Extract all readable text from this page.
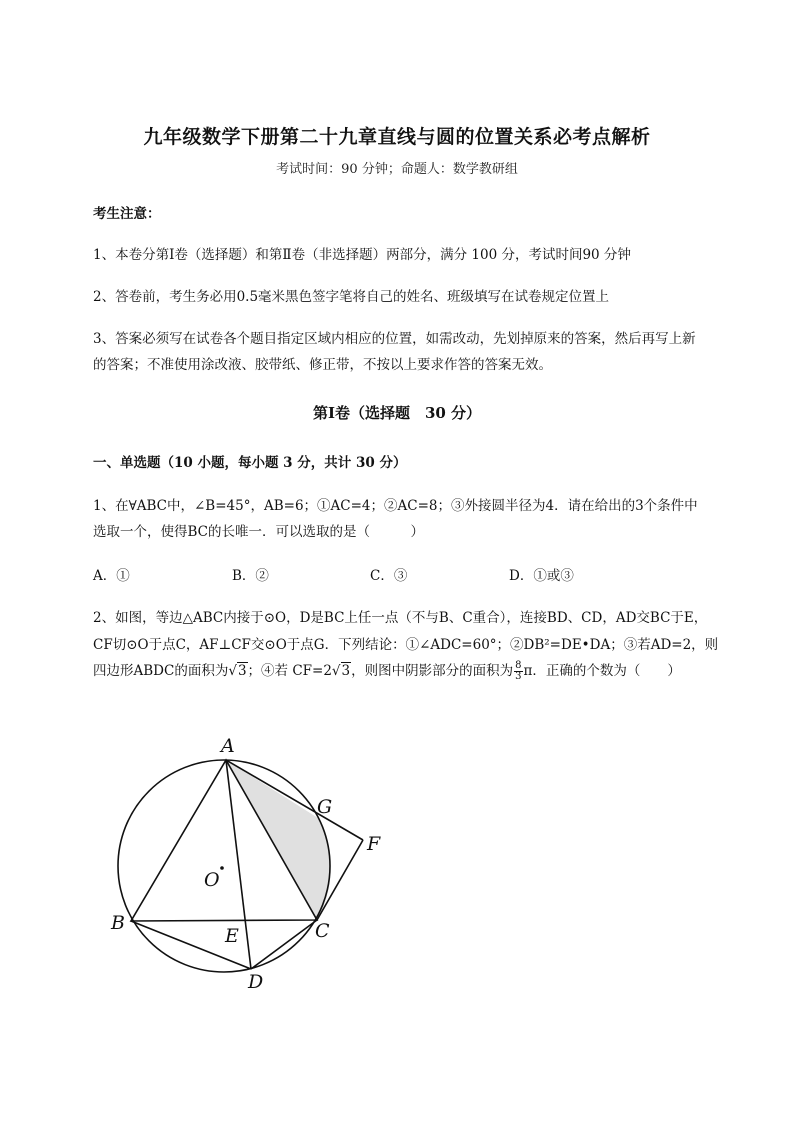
九年级数学下册第二十九章直线与圆的位置关系必考点解析
考试时间：90 分钟；命题人：数学教研组
考生注意：
1、本卷分第Ⅰ卷（选择题）和第Ⅱ卷（非选择题）两部分，满分 100 分，考试时间90 分钟
2、答卷前，考生务必用0.5毫米黑色签字笔将自己的姓名、班级填写在试卷规定位置上
3、答案必须写在试卷各个题目指定区域内相应的位置，如需改动，先划掉原来的答案，然后再写上新
的答案；不准使用涂改液、胶带纸、修正带，不按以上要求作答的答案无效。
第Ⅰ卷（选择题　30 分）
一、单选题（10 小题，每小题 3 分，共计 30 分）
1、在∀ABC中，∠B=45°，AB=6；①AC=4；②AC=8；③外接圆半径为4．请在给出的3个条件中
选取一个，使得BC的长唯一．可以选取的是（　　　）
A．①	B．②	C．③	D．①或③
2、如图，等边△ABC内接于⊙O，D是BC上任一点（不与B、C重合），连接BD、CD，AD交BC于E，
CF切⊙O于点C，AF⊥CF交⊙O于点G．下列结论：①∠ADC=60°；②DB²=DE•DA；③若AD=2，则
四边形ABDC的面积为√3；④若 CF=2√3，则图中阴影部分的面积为 $\frac{8}{3}$ π．正确的个数为（　　）
A
B	C
D
E
F
G
O
